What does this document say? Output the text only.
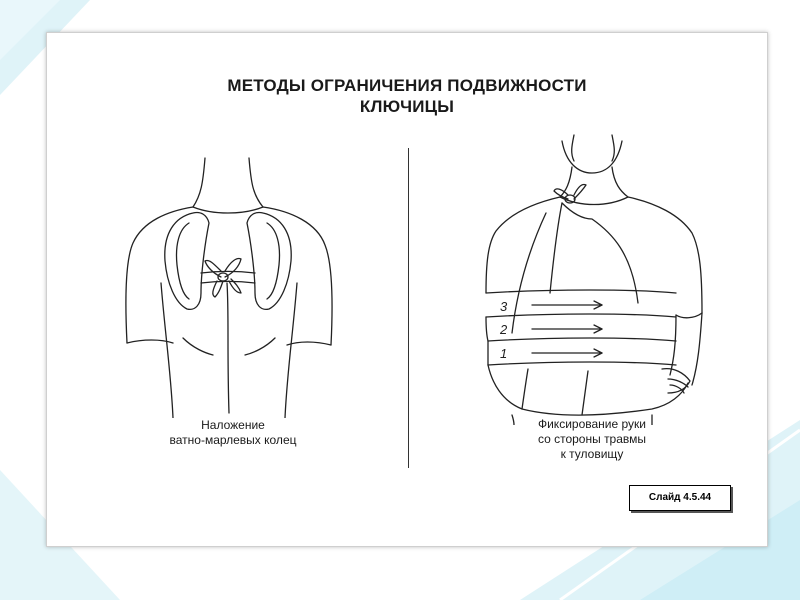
МЕТОДЫ ОГРАНИЧЕНИЯ ПОДВИЖНОСТИ
КЛЮЧИЦЫ
3
2
1
Наложение
ватно-марлевых колец
Фиксирование руки
со стороны травмы
к туловищу
Слайд 4.5.44
